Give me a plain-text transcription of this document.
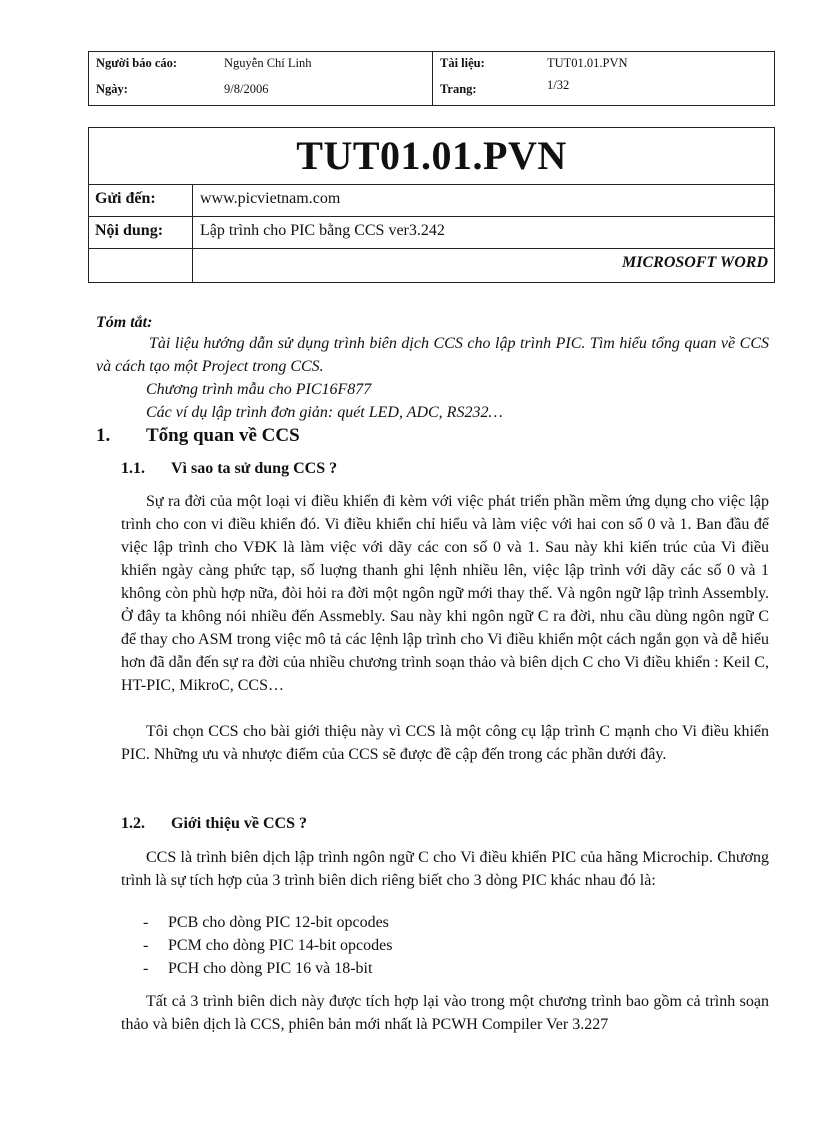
Người báo cáo:	Nguyễn Chí Linh	Tài liệu:	TUT01.01.PVN
Ngày:	9/8/2006	Trang:	1/32
TUT01.01.PVN
Gửi đến:	www.picvietnam.com
Nội dung: Lập trình cho PIC bằng CCS ver3.242
MICROSOFT WORD
Tóm tắt:
Tài liệu hướng dẫn sử dụng trình biên dịch CCS cho lập trình PIC. Tìm hiểu tổng quan về CCS và cách tạo một Project trong CCS.
Chương trình mẫu cho PIC16F877
Các ví dụ lập trình đơn giản: quét LED, ADC, RS232…
1. Tổng quan về CCS
1.1. Vì sao ta sử dung CCS ?
Sự ra đời của một loại vi điều khiển đi kèm với việc phát triển phần mềm ứng dụng cho việc lập trình cho con vi điều khiển đó. Vi điều khiển chỉ hiểu và làm việc với hai con số 0 và 1. Ban đầu để việc lập trình cho VĐK là làm việc với dãy các con số 0 và 1. Sau này khi kiến trúc của Vi điều khiển ngày càng phức tạp, số luợng thanh ghi lệnh nhiều lên, việc lập trình với dãy các số 0 và 1 không còn phù hợp nữa, đòi hỏi ra đời một ngôn ngữ mới thay thế. Và ngôn ngữ lập trình Assembly. Ở đây ta không nói nhiều đến Assmebly. Sau này khi ngôn ngữ C ra đời, nhu cầu dùng ngôn ngữ C để thay cho ASM trong việc mô tả các lệnh lập trình cho Vi điều khiển một cách ngắn gọn và dễ hiểu hơn đã dẫn đến sự ra đời của nhiều chương trình soạn thảo và biên dịch C cho Vi điều khiển : Keil C, HT-PIC, MikroC, CCS…
Tôi chọn CCS cho bài giới thiệu này vì CCS là một công cụ lập trình C mạnh cho Vi điều khiển PIC. Những ưu và nhược điểm của CCS sẽ được đề cập đến trong các phần dưới đây.
1.2. Giới thiệu về CCS ?
CCS là trình biên dịch lập trình ngôn ngữ C cho Vi điều khiển PIC của hãng Microchip. Chương trình là sự tích hợp của 3 trình biên dich riêng biết cho 3 dòng PIC khác nhau đó là:
- PCB cho dòng PIC 12-bit opcodes
- PCM cho dòng PIC 14-bit opcodes
- PCH cho dòng PIC 16 và 18-bit
Tất cả 3 trình biên dich này được tích hợp lại vào trong một chương trình bao gồm cả trình soạn thảo và biên dịch là CCS, phiên bản mới nhất là PCWH Compiler Ver 3.227
